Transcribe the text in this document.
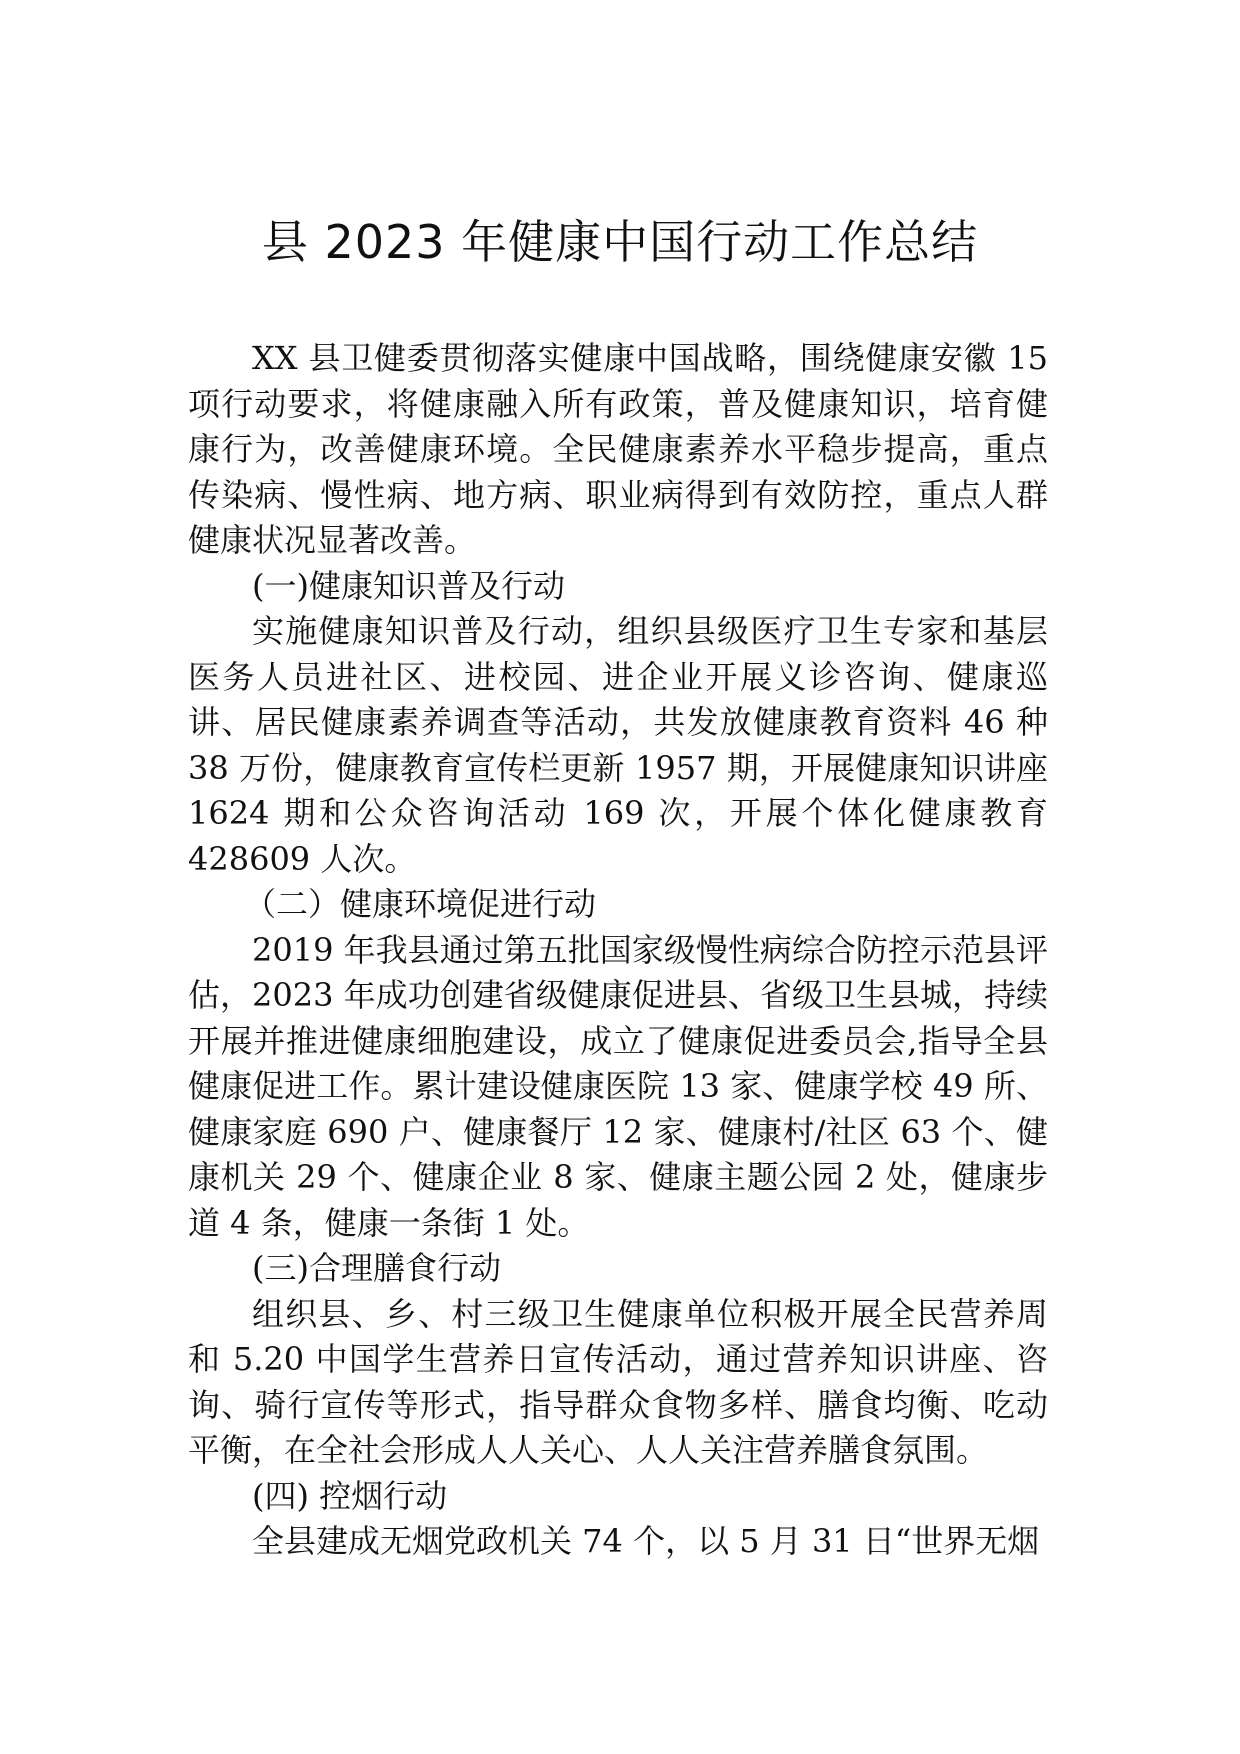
县 2023 年健康中国行动工作总结

XX 县卫健委贯彻落实健康中国战略，围绕健康安徽 15 项行动要求，将健康融入所有政策，普及健康知识，培育健康行为，改善健康环境。全民健康素养水平稳步提高，重点传染病、慢性病、地方病、职业病得到有效防控，重点人群健康状况显著改善。

(一)健康知识普及行动

实施健康知识普及行动，组织县级医疗卫生专家和基层医务人员进社区、进校园、进企业开展义诊咨询、健康巡讲、居民健康素养调查等活动，共发放健康教育资料 46 种 38 万份，健康教育宣传栏更新 1957 期，开展健康知识讲座 1624 期和公众咨询活动 169 次，开展个体化健康教育 428609 人次。

（二）健康环境促进行动

2019 年我县通过第五批国家级慢性病综合防控示范县评估，2023 年成功创建省级健康促进县、省级卫生县城，持续开展并推进健康细胞建设，成立了健康促进委员会,指导全县健康促进工作。累计建设健康医院 13 家、健康学校 49 所、健康家庭 690 户、健康餐厅 12 家、健康村/社区 63 个、健康机关 29 个、健康企业 8 家、健康主题公园 2 处，健康步道 4 条，健康一条街 1 处。

(三)合理膳食行动

组织县、乡、村三级卫生健康单位积极开展全民营养周和 5.20 中国学生营养日宣传活动，通过营养知识讲座、咨询、骑行宣传等形式，指导群众食物多样、膳食均衡、吃动平衡，在全社会形成人人关心、人人关注营养膳食氛围。

(四) 控烟行动

全县建成无烟党政机关 74 个，以 5 月 31 日“世界无烟
